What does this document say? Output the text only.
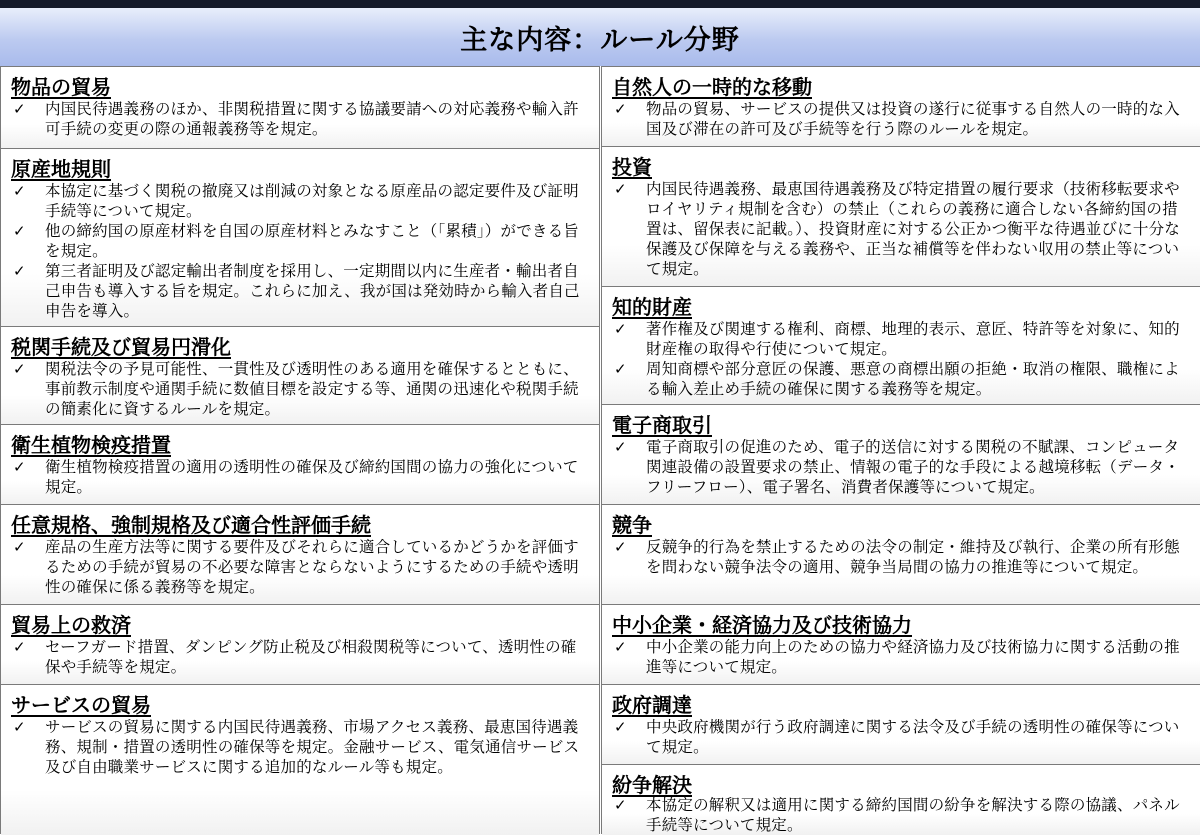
主な内容：ルール分野
物品の貿易
✓ 内国民待遇義務のほか、非関税措置に関する協議要請への対応義務や輸入許可手続の変更の際の通報義務等を規定。
原産地規則
✓ 本協定に基づく関税の撤廃又は削減の対象となる原産品の認定要件及び証明手続等について規定。
✓ 他の締約国の原産材料を自国の原産材料とみなすこと（「累積」）ができる旨を規定。
✓ 第三者証明及び認定輸出者制度を採用し、一定期間以内に生産者・輸出者自己申告も導入する旨を規定。これらに加え、我が国は発効時から輸入者自己申告を導入。
税関手続及び貿易円滑化
✓ 関税法令の予見可能性、一貫性及び透明性のある適用を確保するとともに、事前教示制度や通関手続に数値目標を設定する等、通関の迅速化や税関手続の簡素化に資するルールを規定。
衛生植物検疫措置
✓ 衛生植物検疫措置の適用の透明性の確保及び締約国間の協力の強化について規定。
任意規格、強制規格及び適合性評価手続
✓ 産品の生産方法等に関する要件及びそれらに適合しているかどうかを評価するための手続が貿易の不必要な障害とならないようにするための手続や透明性の確保に係る義務等を規定。
貿易上の救済
✓ セーフガード措置、ダンピング防止税及び相殺関税等について、透明性の確保や手続等を規定。
サービスの貿易
✓ サービスの貿易に関する内国民待遇義務、市場アクセス義務、最恵国待遇義務、規制・措置の透明性の確保等を規定。金融サービス、電気通信サービス及び自由職業サービスに関する追加的なルール等も規定。
自然人の一時的な移動
✓ 物品の貿易、サービスの提供又は投資の遂行に従事する自然人の一時的な入国及び滞在の許可及び手続等を行う際のルールを規定。
投資
✓ 内国民待遇義務、最恵国待遇義務及び特定措置の履行要求（技術移転要求やロイヤリティ規制を含む）の禁止（これらの義務に適合しない各締約国の措置は、留保表に記載。）、投資財産に対する公正かつ衡平な待遇並びに十分な保護及び保障を与える義務や、正当な補償等を伴わない収用の禁止等について規定。
知的財産
✓ 著作権及び関連する権利、商標、地理的表示、意匠、特許等を対象に、知的財産権の取得や行使について規定。
✓ 周知商標や部分意匠の保護、悪意の商標出願の拒絶・取消の権限、職権による輸入差止め手続の確保に関する義務等を規定。
電子商取引
✓ 電子商取引の促進のため、電子的送信に対する関税の不賦課、コンピュータ関連設備の設置要求の禁止、情報の電子的な手段による越境移転（データ・フリーフロー）、電子署名、消費者保護等について規定。
競争
✓ 反競争的行為を禁止するための法令の制定・維持及び執行、企業の所有形態を問わない競争法令の適用、競争当局間の協力の推進等について規定。
中小企業・経済協力及び技術協力
✓ 中小企業の能力向上のための協力や経済協力及び技術協力に関する活動の推進等について規定。
政府調達
✓ 中央政府機関が行う政府調達に関する法令及び手続の透明性の確保等について規定。
紛争解決
✓ 本協定の解釈又は適用に関する締約国間の紛争を解決する際の協議、パネル手続等について規定。
